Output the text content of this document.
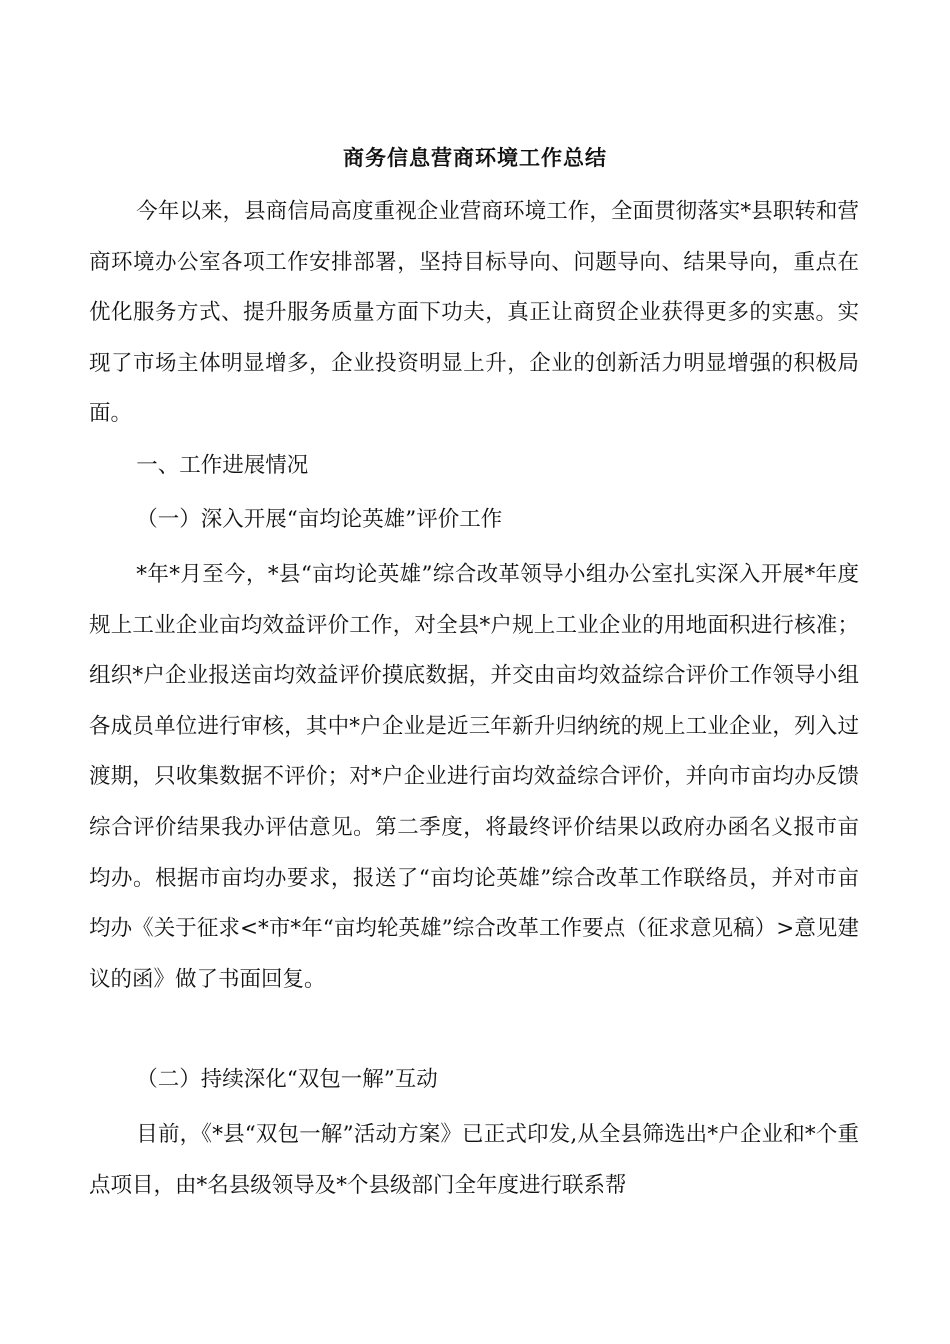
商务信息营商环境工作总结

今年以来，县商信局高度重视企业营商环境工作，全面贯彻落实*县职转和营商环境办公室各项工作安排部署，坚持目标导向、问题导向、结果导向，重点在优化服务方式、提升服务质量方面下功夫，真正让商贸企业获得更多的实惠。实现了市场主体明显增多，企业投资明显上升，企业的创新活力明显增强的积极局面。

一、工作进展情况

（一）深入开展“亩均论英雄”评价工作

*年*月至今，*县“亩均论英雄”综合改革领导小组办公室扎实深入开展*年度规上工业企业亩均效益评价工作，对全县*户规上工业企业的用地面积进行核准；组织*户企业报送亩均效益评价摸底数据，并交由亩均效益综合评价工作领导小组各成员单位进行审核，其中*户企业是近三年新升归纳统的规上工业企业，列入过渡期，只收集数据不评价；对*户企业进行亩均效益综合评价，并向市亩均办反馈综合评价结果我办评估意见。第二季度，将最终评价结果以政府办函名义报市亩均办。根据市亩均办要求，报送了“亩均论英雄”综合改革工作联络员，并对市亩均办《关于征求<*市*年“亩均轮英雄”综合改革工作要点（征求意见稿）>意见建议的函》做了书面回复。

（二）持续深化“双包一解”互动

目前，《*县“双包一解”活动方案》已正式印发,从全县筛选出*户企业和*个重点项目，由*名县级领导及*个县级部门全年度进行联系帮
